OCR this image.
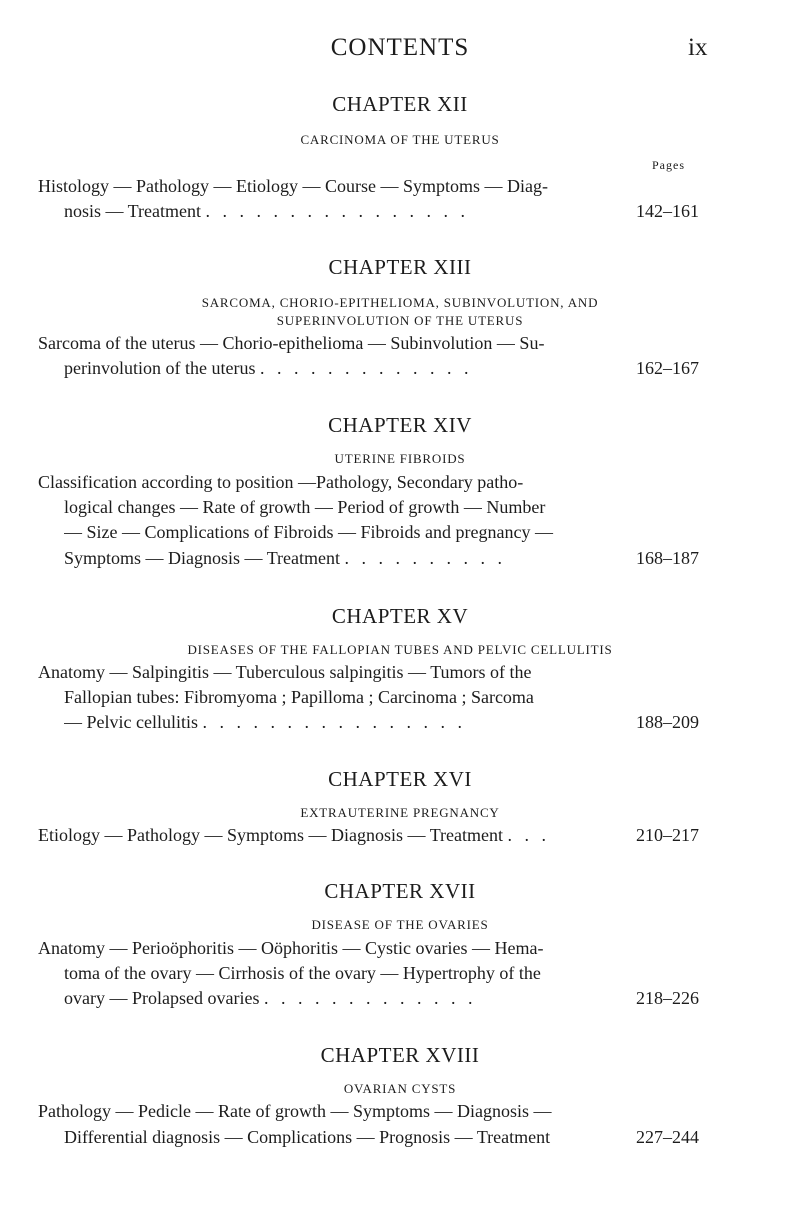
CONTENTS	ix
CHAPTER XII
CARCINOMA OF THE UTERUS
Pages
Histology — Pathology — Etiology — Course — Symptoms — Diag-
nosis — Treatment . . . . . . . . . . . . . . . .	142–161
CHAPTER XIII
SARCOMA, CHORIO-EPITHELIOMA, SUBINVOLUTION, AND
SUPERINVOLUTION OF THE UTERUS
Sarcoma of the uterus — Chorio-epithelioma — Subinvolution — Su-
perinvolution of the uterus . . . . . . . . . . . . .	162–167
CHAPTER XIV
UTERINE FIBROIDS
Classification according to position —Pathology, Secondary patho-
logical changes — Rate of growth — Period of growth — Number
— Size — Complications of Fibroids — Fibroids and pregnancy —
Symptoms — Diagnosis — Treatment . . . . . . . . . .	168–187
CHAPTER XV
DISEASES OF THE FALLOPIAN TUBES AND PELVIC CELLULITIS
Anatomy — Salpingitis — Tuberculous salpingitis — Tumors of the
Fallopian tubes: Fibromyoma ; Papilloma ; Carcinoma ; Sarcoma
— Pelvic cellulitis . . . . . . . . . . . . . . . .	188–209
CHAPTER XVI
EXTRAUTERINE PREGNANCY
Etiology — Pathology — Symptoms — Diagnosis — Treatment . . .	210–217
CHAPTER XVII
DISEASE OF THE OVARIES
Anatomy — Perioöphoritis — Oöphoritis — Cystic ovaries — Hema-
toma of the ovary — Cirrhosis of the ovary — Hypertrophy of the
ovary — Prolapsed ovaries . . . . . . . . . . . . .	218–226
CHAPTER XVIII
OVARIAN CYSTS
Pathology — Pedicle — Rate of growth — Symptoms — Diagnosis —
Differential diagnosis — Complications — Prognosis — Treatment	227–244
